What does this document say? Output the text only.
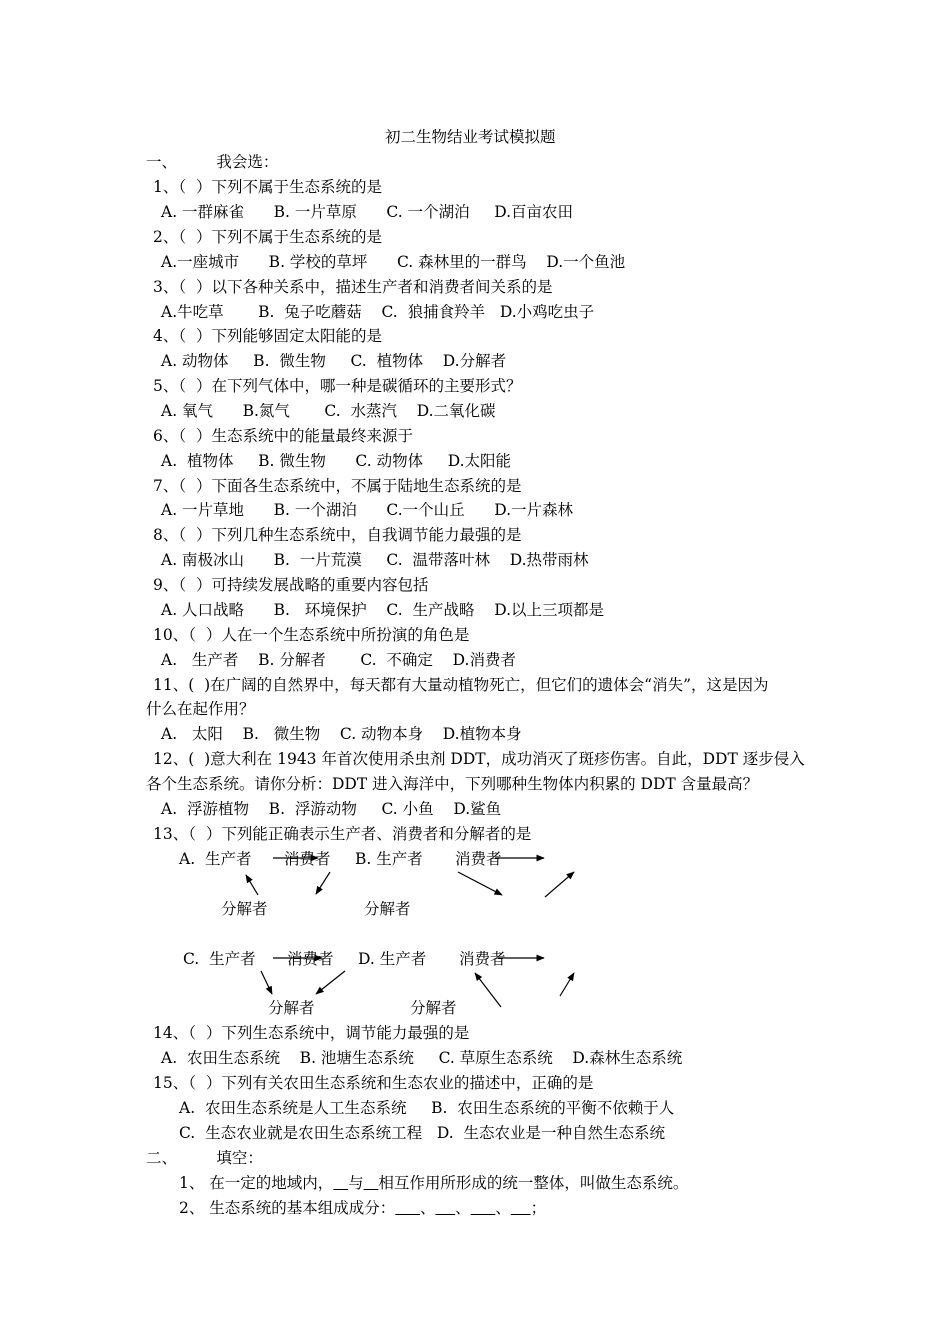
初二生物结业考试模拟题
一、        我会选：
1、（  ）下列不属于生态系统的是
A. 一群麻雀      B. 一片草原      C. 一个湖泊     D.百亩农田
2、（  ）下列不属于生态系统的是
A.一座城市      B. 学校的草坪      C. 森林里的一群鸟    D.一个鱼池
3、（  ）以下各种关系中，描述生产者和消费者间关系的是
A.牛吃草       B.  兔子吃蘑菇    C.  狼捕食羚羊   D.小鸡吃虫子
4、（  ）下列能够固定太阳能的是
A. 动物体     B.  微生物     C.  植物体    D.分解者
5、（  ）在下列气体中，哪一种是碳循环的主要形式？
A. 氧气      B.氮气       C.  水蒸汽    D.二氧化碳
6、（  ）生态系统中的能量最终来源于
A.  植物体     B. 微生物      C. 动物体     D.太阳能
7、（  ）下面各生态系统中，不属于陆地生态系统的是
A. 一片草地      B. 一个湖泊      C.一个山丘      D.一片森林
8、（  ）下列几种生态系统中，自我调节能力最强的是
A. 南极冰山      B.  一片荒漠     C.  温带落叶林    D.热带雨林
9、（  ）可持续发展战略的重要内容包括
A. 人口战略      B.   环境保护    C.  生产战略    D.以上三项都是
10、（  ）人在一个生态系统中所扮演的角色是
A.   生产者    B. 分解者       C.  不确定    D.消费者
11、(  )在广阔的自然界中，每天都有大量动植物死亡，但它们的遗体会“消失”，这是因为
什么在起作用？
A.   太阳    B.   微生物    C. 动物本身    D.植物本身
12、(  )意大利在 1943 年首次使用杀虫剂 DDT，成功消灭了斑疹伤害。自此，DDT 逐步侵入
各个生态系统。请你分析：DDT 进入海洋中，下列哪种生物体内积累的 DDT 含量最高？
A.  浮游植物    B.  浮游动物     C. 小鱼    D.鲨鱼
13、（  ）下列能正确表示生产者、消费者和分解者的是
A.  生产者 消费者 B. 生产者 消费者
分解者	分解者
C.  生产者 消费者 D. 生产者 消费者
分解者	分解者
14、（  ）下列生态系统中，调节能力最强的是
A.  农田生态系统    B. 池塘生态系统     C. 草原生态系统    D.森林生态系统
15、（  ）下列有关农田生态系统和生态农业的描述中，正确的是
A.  农田生态系统是人工生态系统     B.  农田生态系统的平衡不依赖于人
C.  生态农业就是农田生态系统工程   D.  生态农业是一种自然生态系统
二、        填空：
1、 在一定的地域内， 与 相互作用所形成的统一整体，叫做生态系统。
2、 生态系统的基本组成成分： 、 、 、 ；
